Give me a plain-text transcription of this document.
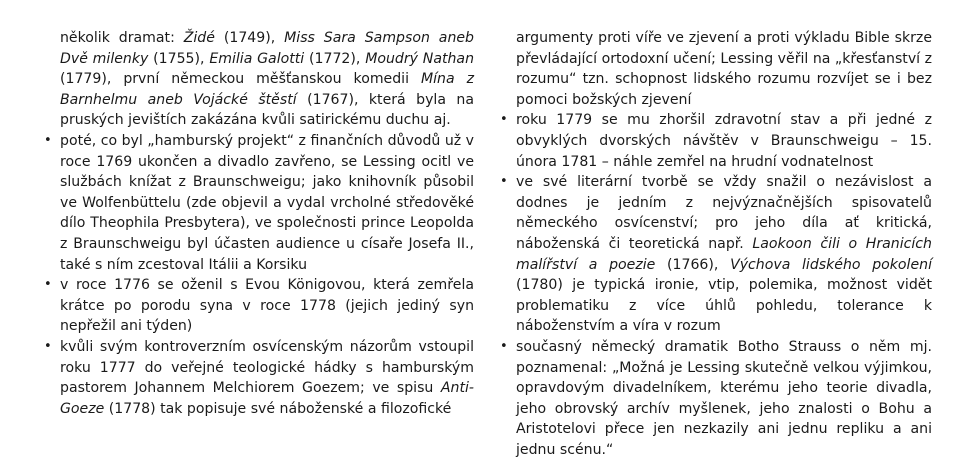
několik dramat: Židé (1749), Miss Sara Sampson aneb Dvě milenky (1755), Emilia Galotti (1772), Moudrý Nathan (1779), první německou měšťanskou komedii Mína z Barnhelmu aneb Vojácké štěstí (1767), která byla na pruských jevištích zakázána kvůli satirickému duchu aj.

• poté, co byl „hamburský projekt“ z finančních důvodů už v roce 1769 ukončen a divadlo zavřeno, se Lessing ocitl ve službách knížat z Braunschweigu; jako knihovník působil ve Wolfenbüttelu (zde objevil a vydal vrcholné středověké dílo Theophila Presbytera), ve společnosti prince Leopolda z Braunschweigu byl účasten audience u císaře Josefa II., také s ním zcestoval Itálii a Korsiku

• v roce 1776 se oženil s Evou Königovou, která zemřela krátce po porodu syna v roce 1778 (jejich jediný syn nepřežil ani týden)

• kvůli svým kontroverzním osvícenským názorům vstoupil roku 1777 do veřejné teologické hádky s hamburským pastorem Johannem Melchiorem Goezem; ve spisu Anti-Goeze (1778) tak popisuje své náboženské a filozofické

argumenty proti víře ve zjevení a proti výkladu Bible skrze převládající ortodoxní učení; Lessing věřil na „křesťanství z rozumu“ tzn. schopnost lidského rozumu rozvíjet se i bez pomoci božských zjevení

• roku 1779 se mu zhoršil zdravotní stav a při jedné z obvyklých dvorských návštěv v Braunschweigu – 15. února 1781 – náhle zemřel na hrudní vodnatelnost

• ve své literární tvorbě se vždy snažil o nezávislost a dodnes je jedním z nejvýznačnějších spisovatelů německého osvícenství; pro jeho díla ať kritická, náboženská či teoretická např. Laokoon čili o Hranicích malířství a poezie (1766), Výchova lidského pokolení (1780) je typická ironie, vtip, polemika, možnost vidět problematiku z více úhlů pohledu, tolerance k náboženstvím a víra v rozum

• současný německý dramatik Botho Strauss o něm mj. poznamenal: „Možná je Lessing skutečně velkou výjimkou, opravdovým divadelníkem, kterému jeho teorie divadla, jeho obrovský archív myšlenek, jeho znalosti o Bohu a Aristotelovi přece jen nezkazily ani jednu repliku a ani jednu scénu.“
